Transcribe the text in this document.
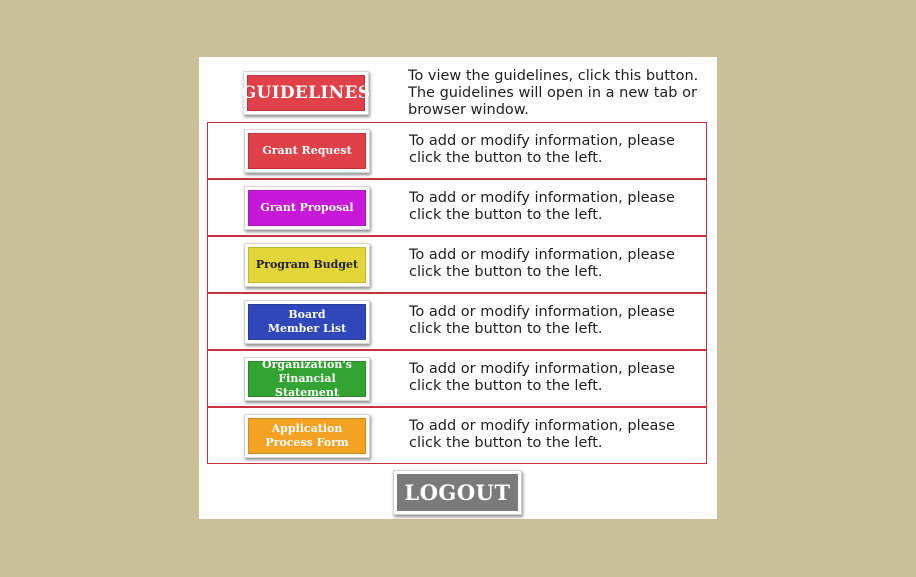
GUIDELINES
To view the guidelines, click this button. The guidelines will open in a new tab or browser window.
Grant Request
To add or modify information, please click the button to the left.
Grant Proposal
To add or modify information, please click the button to the left.
Program Budget
To add or modify information, please click the button to the left.
Board
Member List
To add or modify information, please click the button to the left.
Organization's
Financial Statement
To add or modify information, please click the button to the left.
Application
Process Form
To add or modify information, please click the button to the left.
LOGOUT
